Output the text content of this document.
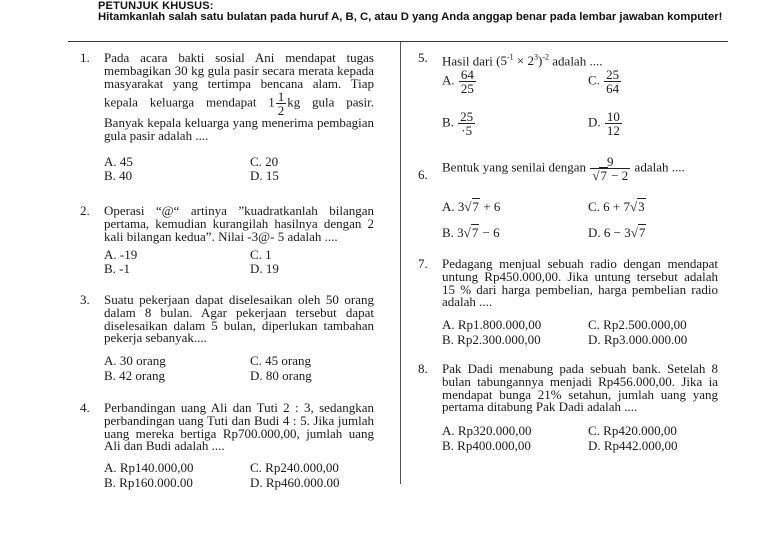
PETUNJUK KHUSUS:
Hitamkanlah salah satu bulatan pada huruf A, B, C, atau D yang Anda anggap benar pada lembar jawaban komputer!
1. Pada acara bakti sosial Ani mendapat tugas membagikan 30 kg gula pasir secara merata kepada masyarakat yang tertimpa bencana alam. Tiap kepala keluarga mendapat $1 \frac{1}{2}$ kg gula pasir. Banyak kepala keluarga yang menerima pembagian gula pasir adalah ....
A. 45	C. 20
B. 40	D. 15
2. Operasi “@“ artinya ”kuadratkanlah bilangan pertama, kemudian kurangilah hasilnya dengan 2 kali bilangan kedua”. Nilai -3@- 5 adalah ....
A. -19	C. 1
B. -1	D. 19
3. Suatu pekerjaan dapat diselesaikan oleh 50 orang dalam 8 bulan. Agar pekerjaan tersebut dapat diselesaikan dalam 5 bulan, diperlukan tambahan pekerja sebanyak....
A. 30 orang	C. 45 orang
B. 42 orang	D. 80 orang
4. Perbandingan uang Ali dan Tuti 2 : 3, sedangkan perbandingan uang Tuti dan Budi 4 : 5. Jika jumlah uang mereka bertiga Rp700.000,00, jumlah uang Ali dan Budi adalah ....
A. Rp140.000,00	C. Rp240.000,00
B. Rp160.000.00	D. Rp460.000.00
5. Hasil dari $(5^{-1} \times 2^3)^{-2}$ adalah ....
A. $\frac{64}{25}$	C. $\frac{25}{64}$
B. $\frac{25}{\cdot 5}$	D. $\frac{10}{12}$
6.
Bentuk yang senilai dengan $\frac{9}{√7 - 2}$ adalah ....
A. 3√7 + 6	C. 6 + 7√3
B. 3√7 − 6	D. 6 − 3√7
7. Pedagang menjual sebuah radio dengan mendapat untung Rp450.000,00. Jika untung tersebut adalah 15 % dari harga pembelian, harga pembelian radio adalah ....
A. Rp1.800.000,00	C. Rp2.500.000,00
B. Rp2.300.000,00	D. Rp3.000.000.00
8. Pak Dadi menabung pada sebuah bank. Setelah 8 bulan tabungannya menjadi Rp456.000,00. Jika ia mendapat bunga 21% setahun, jumlah uang yang pertama ditabung Pak Dadi adalah ....
A. Rp320.000,00	C. Rp420.000,00
B. Rp400.000,00	D. Rp442.000,00
